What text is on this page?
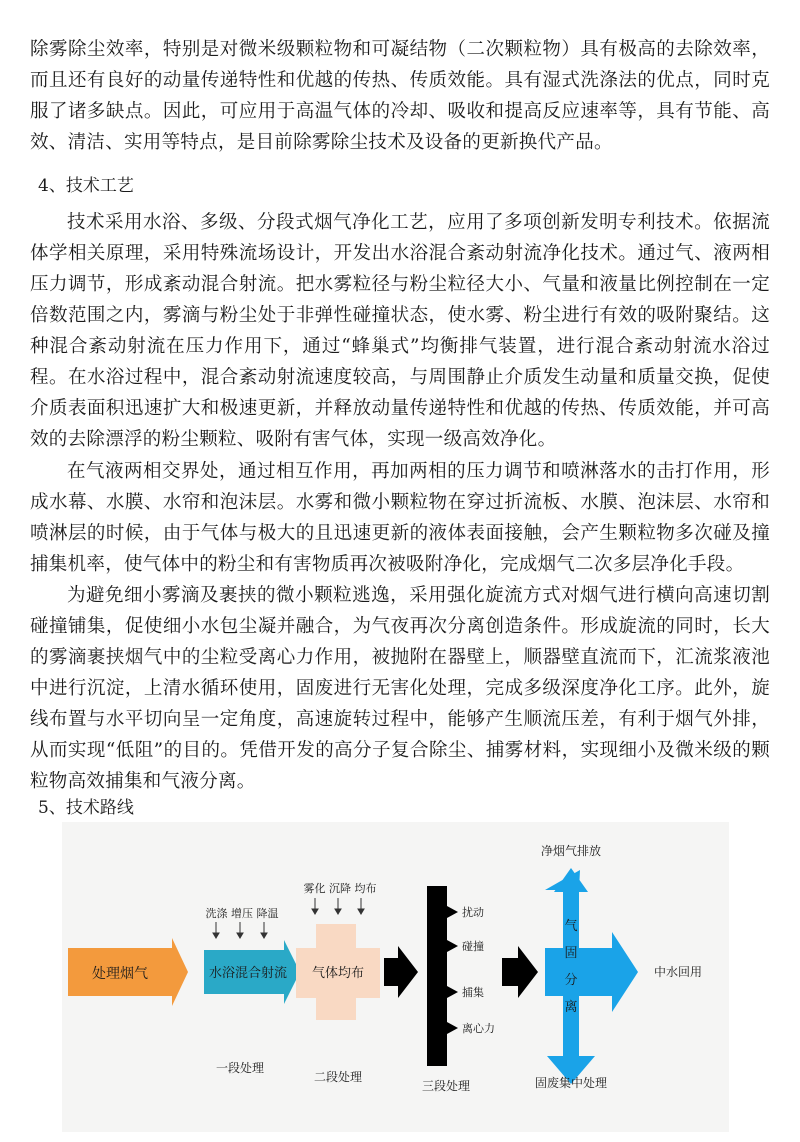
除雾除尘效率，特别是对微米级颗粒物和可凝结物（二次颗粒物）具有极高的去除效率，而且还有良好的动量传递特性和优越的传热、传质效能。具有湿式洗涤法的优点，同时克服了诸多缺点。因此，可应用于高温气体的冷却、吸收和提高反应速率等，具有节能、高效、清洁、实用等特点，是目前除雾除尘技术及设备的更新换代产品。

4、技术工艺

技术采用水浴、多级、分段式烟气净化工艺，应用了多项创新发明专利技术。依据流体学相关原理，采用特殊流场设计，开发出水浴混合紊动射流净化技术。通过气、液两相压力调节，形成紊动混合射流。把水雾粒径与粉尘粒径大小、气量和液量比例控制在一定倍数范围之内，雾滴与粉尘处于非弹性碰撞状态，使水雾、粉尘进行有效的吸附聚结。这种混合紊动射流在压力作用下，通过“蜂巢式”均衡排气装置，进行混合紊动射流水浴过程。在水浴过程中，混合紊动射流速度较高，与周围静止介质发生动量和质量交换，促使介质表面积迅速扩大和极速更新，并释放动量传递特性和优越的传热、传质效能，并可高效的去除漂浮的粉尘颗粒、吸附有害气体，实现一级高效净化。

在气液两相交界处，通过相互作用，再加两相的压力调节和喷淋落水的击打作用，形成水幕、水膜、水帘和泡沫层。水雾和微小颗粒物在穿过折流板、水膜、泡沫层、水帘和喷淋层的时候，由于气体与极大的且迅速更新的液体表面接触，会产生颗粒物多次碰及撞捕集机率，使气体中的粉尘和有害物质再次被吸附净化，完成烟气二次多层净化手段。

为避免细小雾滴及裹挟的微小颗粒逃逸，采用强化旋流方式对烟气进行横向高速切割碰撞铺集，促使细小水包尘凝并融合，为气夜再次分离创造条件。形成旋流的同时，长大的雾滴裹挟烟气中的尘粒受离心力作用，被抛附在器壁上，顺器壁直流而下，汇流浆液池中进行沉淀，上清水循环使用，固废进行无害化处理，完成多级深度净化工序。此外，旋线布置与水平切向呈一定角度，高速旋转过程中，能够产生顺流压差，有利于烟气外排，从而实现“低阻”的目的。凭借开发的高分子复合除尘、捕雾材料，实现细小及微米级的颗粒物高效捕集和气液分离。

5、技术路线

处理烟气
洗涤 增压 降温
水浴混合射流
一段处理
雾化 沉降 均布
气体均布
二段处理
扰动
碰撞
捕集
离心力
三段处理
气
固
分
离
净烟气排放
中水回用
固废集中处理
